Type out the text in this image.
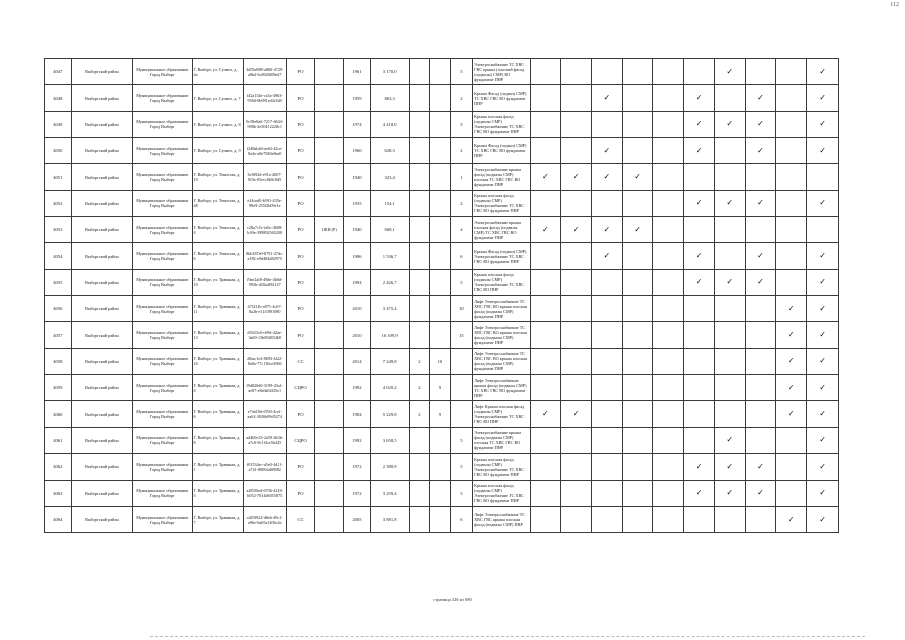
112
4047	Выборгский район	Муниципальное образование Город Выборг	Г. Выборг, ул. Суомел, д. 4а	3d55e888-a860-4729-a0b4-6c8026f09ed7	РО		1961	3 170,0			5	Электроснабжение ТС ХВС ГВС крыша (плоский фасад (подвалы) СМР) ВО фундамент ПНР							✓			✓
4048	Выборгский район	Муниципальное образование Город Выборг	Г. Выборг, ул. Суомел, д. 7	f42a134e-ca5a-4963-956d-0b091ed2e5d5	РО		1959	863,3			2	Крыша Фасад (подвал) СМР) ТС ХВС ГВС ВО фундамент ПНР			✓			✓		✓		✓
4049	Выборгский район	Муниципальное образование Город Выборг	Г. Выборг, ул. Суомел, д. 8	0c58e8a6-7217-4644-998b-2e50412228c1	РО		1974	4 418,0			5	Крыша плоская фасад (подвалы СМР) Электроснабжение ТС ХВС ГВС ВО фундамент ПНР						✓	✓	✓		✓
4050	Выборгский район	Муниципальное образование Город Выборг	Г. Выборг, ул. Суомел, д. 9	f248ab4d-ae63-42ce-8a3e-a8e7949e8ea0	РО		1960	638,3			2	Крыша Фасад (подвал) СМР) ТС ХВС ГВС ВО фундамент ПНР			✓			✓		✓		✓
4051	Выборгский район	Муниципальное образование Город Выборг	Г. Выборг, ул. Тенистая, д. 19	6c8f92d-e91a-4607-8f3e-05ecc0b9c8d5	РО		1940	323,4			1	Электроснабжение крыша фасад (подвалы СМР) плоская ТС ХВС ГВС ВО фундамент ПНР	✓	✓	✓	✓						
4052	Выборгский район	Муниципальное образование Город Выборг	Г. Выборг, ул. Тенистая, д. 48	e24ced0-b591-435e-98e9-255f2b09e1e	РО		1935	154,1			2	Крыша плоская фасад (подвалы СМР) Электроснабжение ТС ХВС ГВС ВО фундамент ПНР						✓	✓	✓		✓
4053	Выборгский район	Муниципальное образование Город Выборг	Г. Выборг, ул. Тенистая, д. 4	c28a7c5c-fa6c-4608-b30e-399892565200	РО	ОКН (Р)	1940	668,1			4	Электроснабжение крыша плоская фасад (подвалы СМР) ТС ХВС ГВС ВО фундамент ПНР	✓	✓	✓	✓						
4054	Выборгский район	Муниципальное образование Город Выборг	Г. Выборг, ул. Тенистая, д. 6	8bb187e0-8791-47dc-a182-e9d484d82975	РО		1986	1 536,7			6	Крыша Фасад (подвал) СМР) Электроснабжение ТС ХВС ГВС ВО фундамент ПНР			✓			✓		✓		✓
4055	Выборгский район	Муниципальное образование Город Выборг	Г. Выборг, ул. Травяная, д. 10	f9ae2af8-49de-4b0d-992b-d20a4f92147	РО		1994	2 426,7			5	Крыша плоская фасад (подвалы СМР) Электроснабжение ТС ХВС ГВС ВО ПНР						✓	✓	✓		✓
4056	Выборгский район	Муниципальное образование Город Выборг	Г. Выборг, ул. Травяная, д. 11	47f231b-a971-4c67-8a2b-e11f1891080	РО		2010	3 475,4			10	Лифт Электроснабжение ТС ХВС ГВС ВО крыша плоская фасад (подвалы СМР) фундамент ПНР									✓	✓
4057	Выборгский район	Муниципальное образование Город Выборг	Г. Выборг, ул. Травяная, д. 13	d5023c6-c69d-42ae-3a69-13b094834b9	РО		2010	16 109,9			15	Лифт Электроснабжение ТС ХВС ГВС ВО крыша плоская фасад (подвалы СМР) фундамент ПНР									✓	✓
4058	Выборгский район	Муниципальное образование Город Выборг	Г. Выборг, ул. Травяная, д. 16	2fbac1e4-8693-4f22-8a0a-77c130ce4966	СС		2014	7 249,8	2	10		Лифт Электроснабжение ТС ХВС ГВС ВО крыша плоская фасад (подвалы СМР) фундамент ПНР									✓	✓
4059	Выборгский район	Муниципальное образование Город Выборг	Г. Выборг, ул. Травяная, д. 4	f9d820d0-3199-43a1-ae87-e8a9a04f35e1	СЦРО		1992	4 020,2	2	9		Лифт Электроснабжение крыша фасад (подвалы СМР) ТС ХВС ГВС ВО фундамент ПНР									✓	✓
4060	Выборгский район	Муниципальное образование Город Выборг	Г. Выборг, ул. Травяная, д. 6	e7ab18d-d7b9-4cef-aa62-3026b99d5274	РО		1984	5 229,8	2	9		Лифт Крыша плоская фасад (подвалы СМР) Электроснабжение ТС ХВС ГВС ВО ПНР	✓	✓							✓	✓
4061	Выборгский район	Муниципальное образование Город Выборг	Г. Выборг, ул. Травяная, д. 8	ad4b9c33-2a59-4b3b-a7c0-8c1f4ce5b445	СЦРО		1992	3 658,5			5	Электроснабжение крыша фасад (подвалы СМР) плоская ТС ХВС ГВС ВО фундамент ПНР							✓			✓
4062	Выборгский район	Муниципальное образование Город Выборг	Г. Выборг, ул. Травяная, д. 1	f01534ec-a5e0-4d11-a741-88002a88082	РО		1972	2 380,9			5	Крыша плоская фасад (подвалы СМР) Электроснабжение ТС ХВС ГВС ВО фундамент ПНР						✓	✓	✓		✓
4063	Выборгский район	Муниципальное образование Город Выборг	Г. Выборг, ул. Травяная, д. 5	a2858fed-6706-4218-b052-7014d6055875	РО		1972	3 259,4			5	Крыша плоская фасад (подвалы СМР) Электроснабжение ТС ХВС ГВС ВО фундамент ПНР						✓	✓	✓		✓
4064	Выборгский район	Муниципальное образование Город Выборг	Г. Выборг, ул. Травяная, д. 7	cd29f924-d8eb-49c1-a96e-6a65a1406c4e	СС		2005	3 881,8			6	Лифт Электроснабжение ТС ХВС ГВС крыша плоская фасад (подвалы СМР) ПНР									✓	✓
страница 326 из 680
